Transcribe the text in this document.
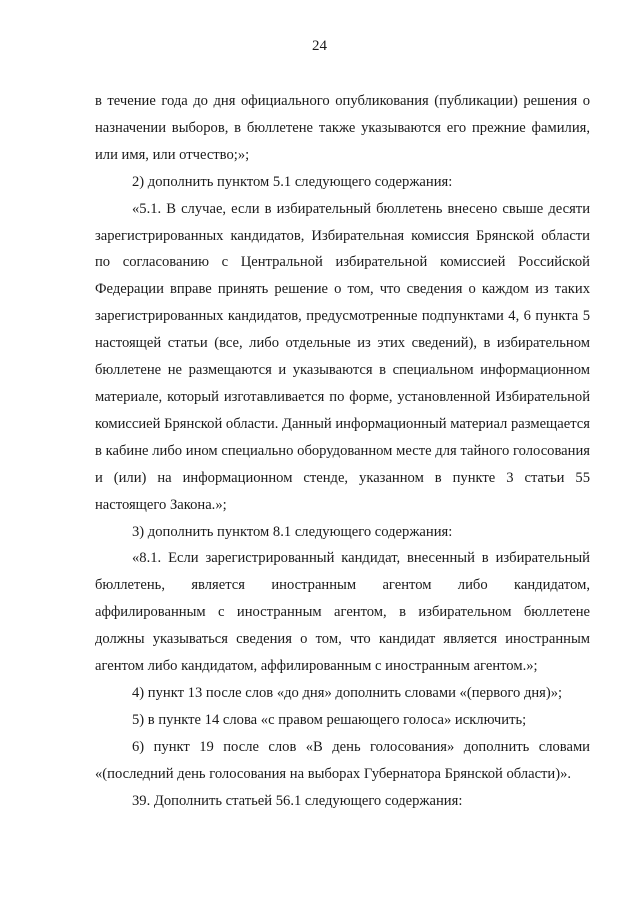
24

в течение года до дня официального опубликования (публикации) решения о назначении выборов, в бюллетене также указываются его прежние фамилия, или имя, или отчество;»;

2) дополнить пунктом 5.1 следующего содержания:

«5.1. В случае, если в избирательный бюллетень внесено свыше десяти зарегистрированных кандидатов, Избирательная комиссия Брянской области по согласованию с Центральной избирательной комиссией Российской Федерации вправе принять решение о том, что сведения о каждом из таких зарегистрированных кандидатов, предусмотренные подпунктами 4, 6 пункта 5 настоящей статьи (все, либо отдельные из этих сведений), в избирательном бюллетене не размещаются и указываются в специальном информационном материале, который изготавливается по форме, установленной Избирательной комиссией Брянской области. Данный информационный материал размещается в кабине либо ином специально оборудованном месте для тайного голосования и (или) на информационном стенде, указанном в пункте 3 статьи 55 настоящего Закона.»;

3) дополнить пунктом 8.1 следующего содержания:

«8.1. Если зарегистрированный кандидат, внесенный в избирательный бюллетень, является иностранным агентом либо кандидатом, аффилированным с иностранным агентом, в избирательном бюллетене должны указываться сведения о том, что кандидат является иностранным агентом либо кандидатом, аффилированным с иностранным агентом.»;

4) пункт 13 после слов «до дня» дополнить словами «(первого дня)»;

5) в пункте 14 слова «с правом решающего голоса» исключить;

6) пункт 19 после слов «В день голосования» дополнить словами «(последний день голосования на выборах Губернатора Брянской области)».

39. Дополнить статьей 56.1 следующего содержания:
